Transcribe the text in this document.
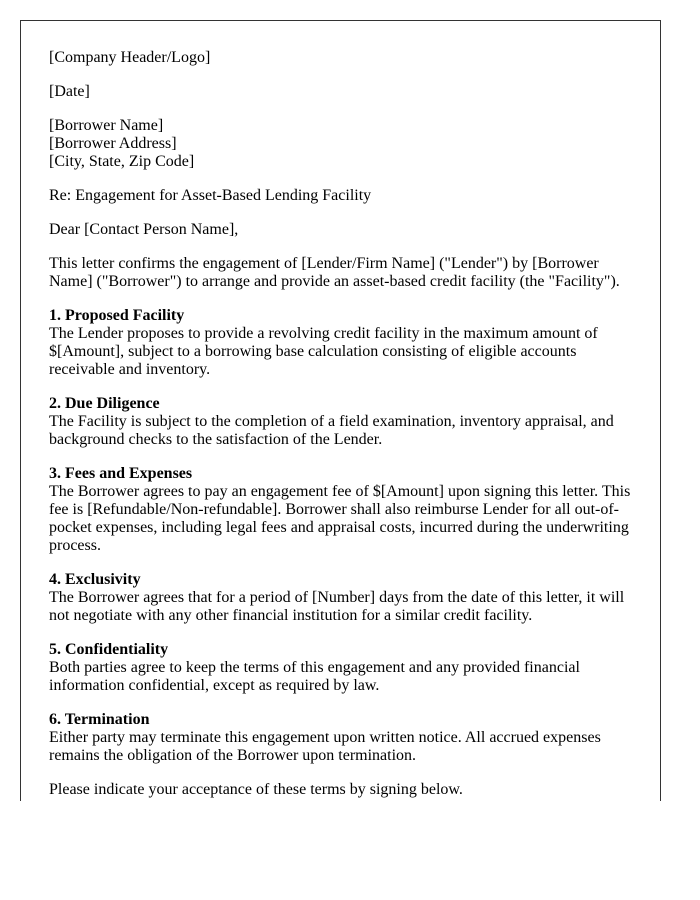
[Company Header/Logo]

[Date]

[Borrower Name]
[Borrower Address]
[City, State, Zip Code]

Re: Engagement for Asset-Based Lending Facility

Dear [Contact Person Name],

This letter confirms the engagement of [Lender/Firm Name] ("Lender") by [Borrower Name] ("Borrower") to arrange and provide an asset-based credit facility (the "Facility").

1. Proposed Facility
The Lender proposes to provide a revolving credit facility in the maximum amount of $[Amount], subject to a borrowing base calculation consisting of eligible accounts receivable and inventory.

2. Due Diligence
The Facility is subject to the completion of a field examination, inventory appraisal, and background checks to the satisfaction of the Lender.

3. Fees and Expenses
The Borrower agrees to pay an engagement fee of $[Amount] upon signing this letter. This fee is [Refundable/Non-refundable]. Borrower shall also reimburse Lender for all out-of-pocket expenses, including legal fees and appraisal costs, incurred during the underwriting process.

4. Exclusivity
The Borrower agrees that for a period of [Number] days from the date of this letter, it will not negotiate with any other financial institution for a similar credit facility.

5. Confidentiality
Both parties agree to keep the terms of this engagement and any provided financial information confidential, except as required by law.

6. Termination
Either party may terminate this engagement upon written notice. All accrued expenses remains the obligation of the Borrower upon termination.

Please indicate your acceptance of these terms by signing below.
